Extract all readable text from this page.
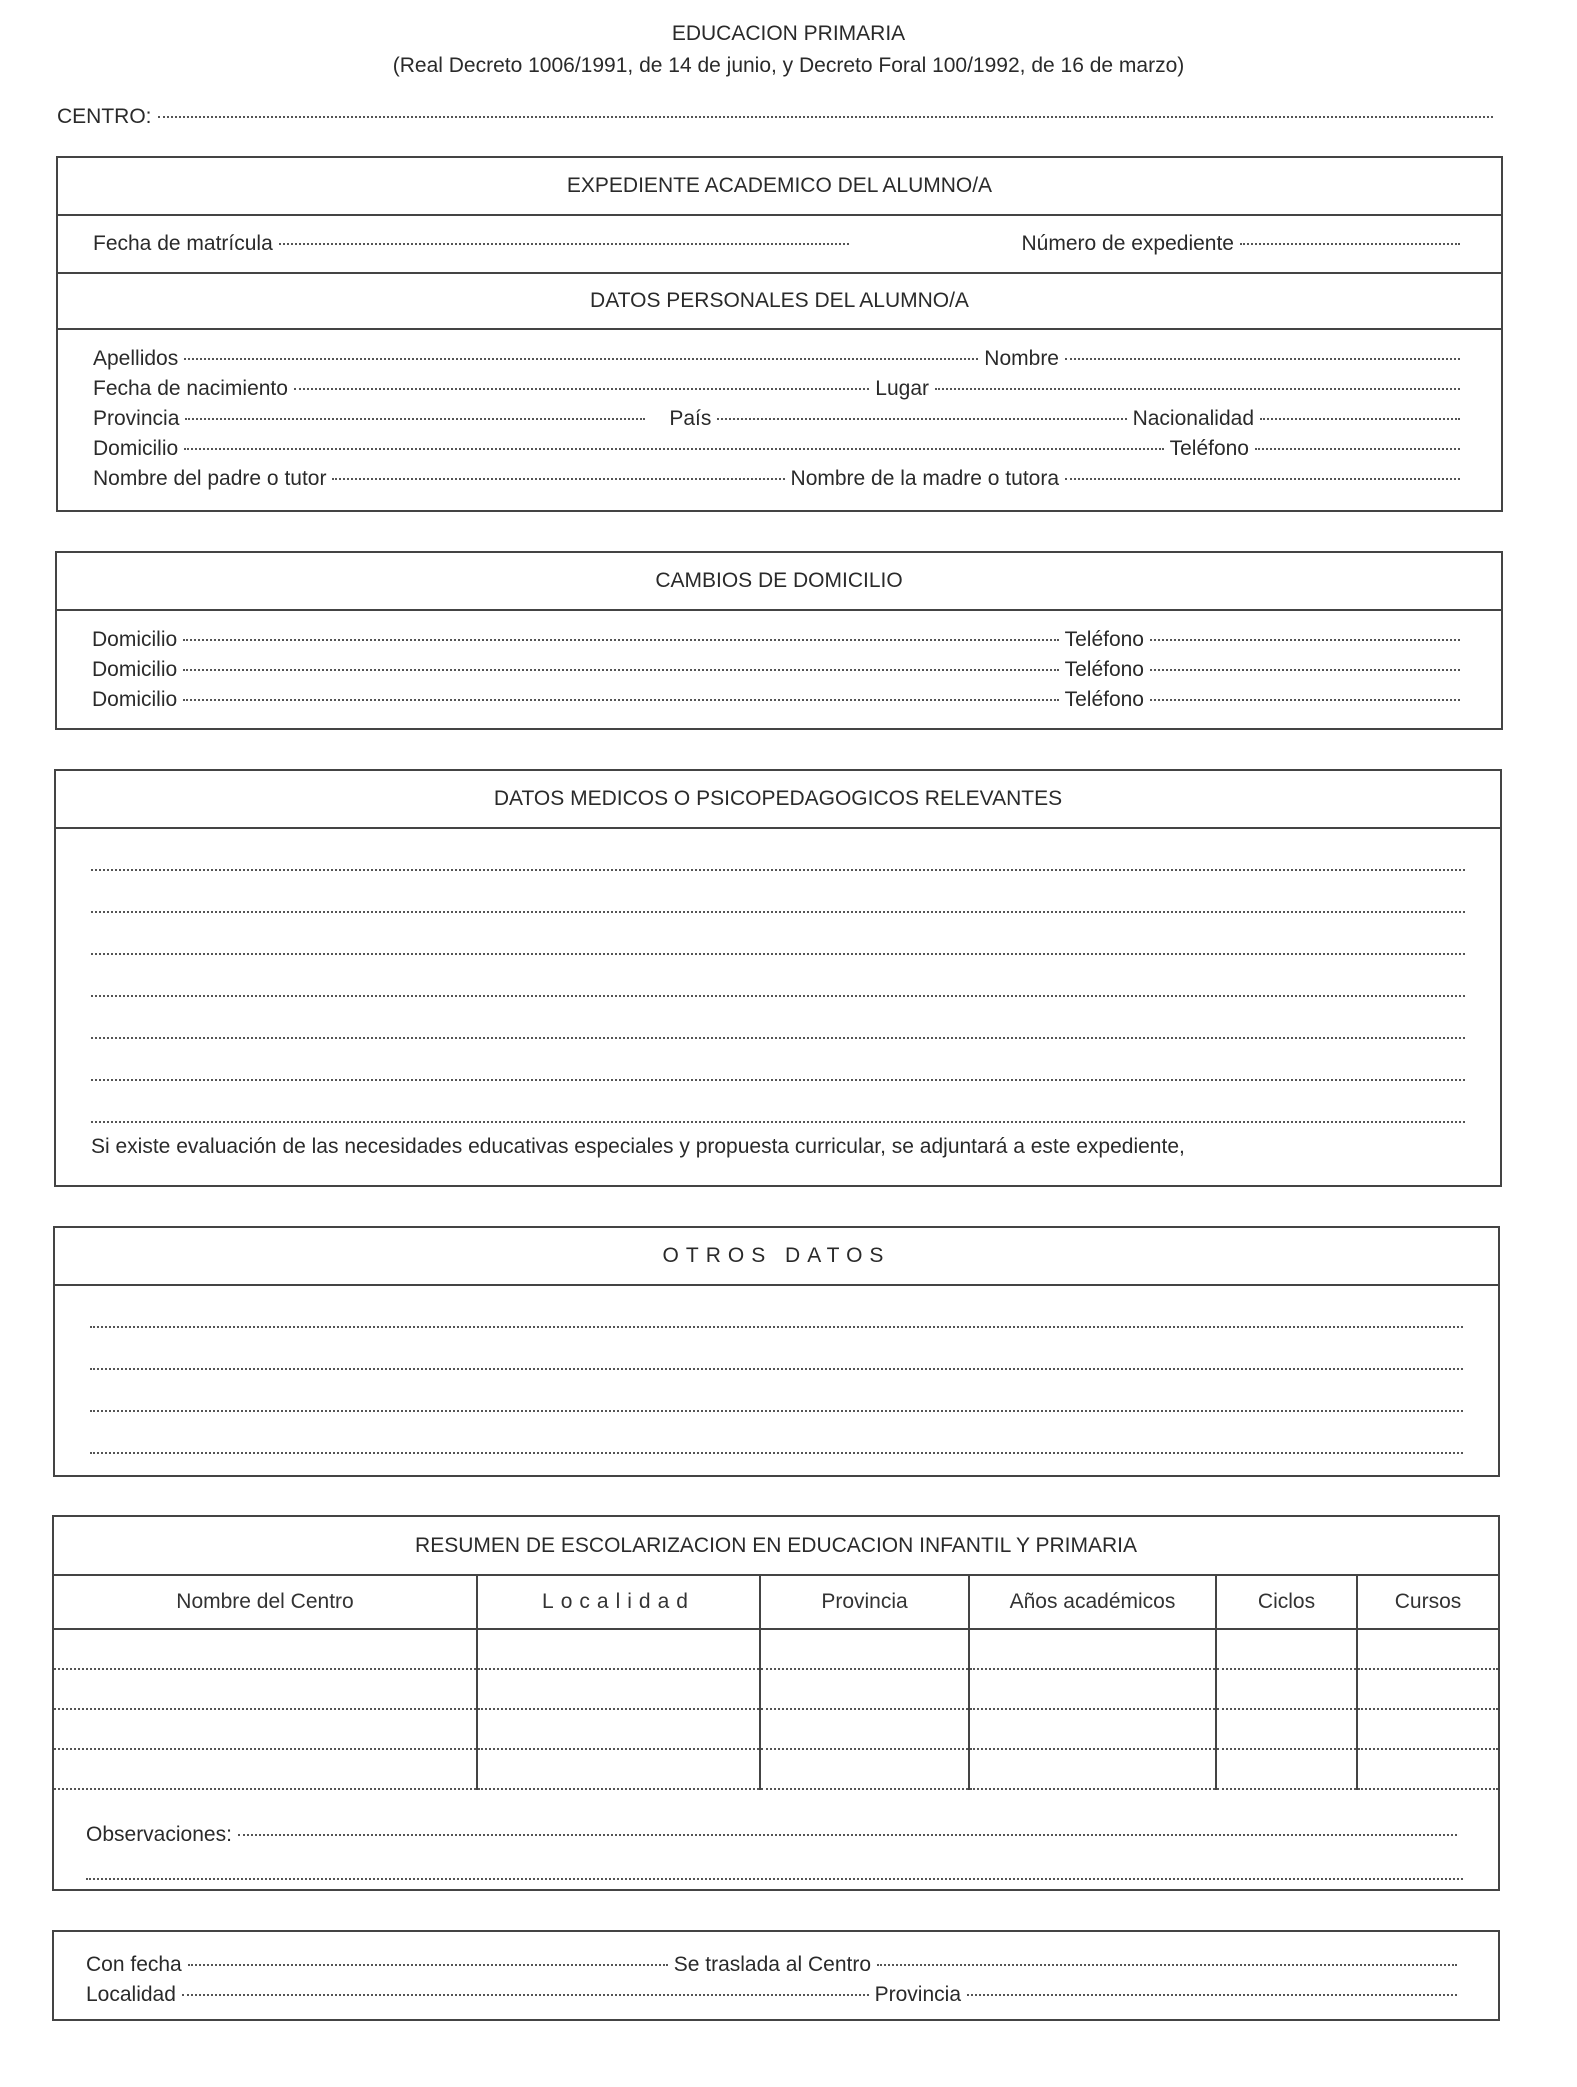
EDUCACION PRIMARIA
(Real Decreto 1006/1991, de 14 de junio, y Decreto Foral 100/1992, de 16 de marzo)
CENTRO:
EXPEDIENTE ACADEMICO DEL ALUMNO/A
Fecha de matrícula	Número de expediente
DATOS PERSONALES DEL ALUMNO/A
Apellidos	Nombre
Fecha de nacimiento	Lugar
Provincia	País	Nacionalidad
Domicilio	Teléfono
Nombre del padre o tutor	Nombre de la madre o tutora
CAMBIOS DE DOMICILIO
Domicilio	Teléfono
Domicilio	Teléfono
Domicilio	Teléfono
DATOS MEDICOS O PSICOPEDAGOGICOS RELEVANTES
Si existe evaluación de las necesidades educativas especiales y propuesta curricular, se adjuntará a este expediente,
OTROS DATOS
RESUMEN DE ESCOLARIZACION EN EDUCACION INFANTIL Y PRIMARIA
Nombre del Centro	Localidad	Provincia	Años académicos	Ciclos	Cursos

Observaciones:
Con fecha	Se traslada al Centro
Localidad	Provincia
